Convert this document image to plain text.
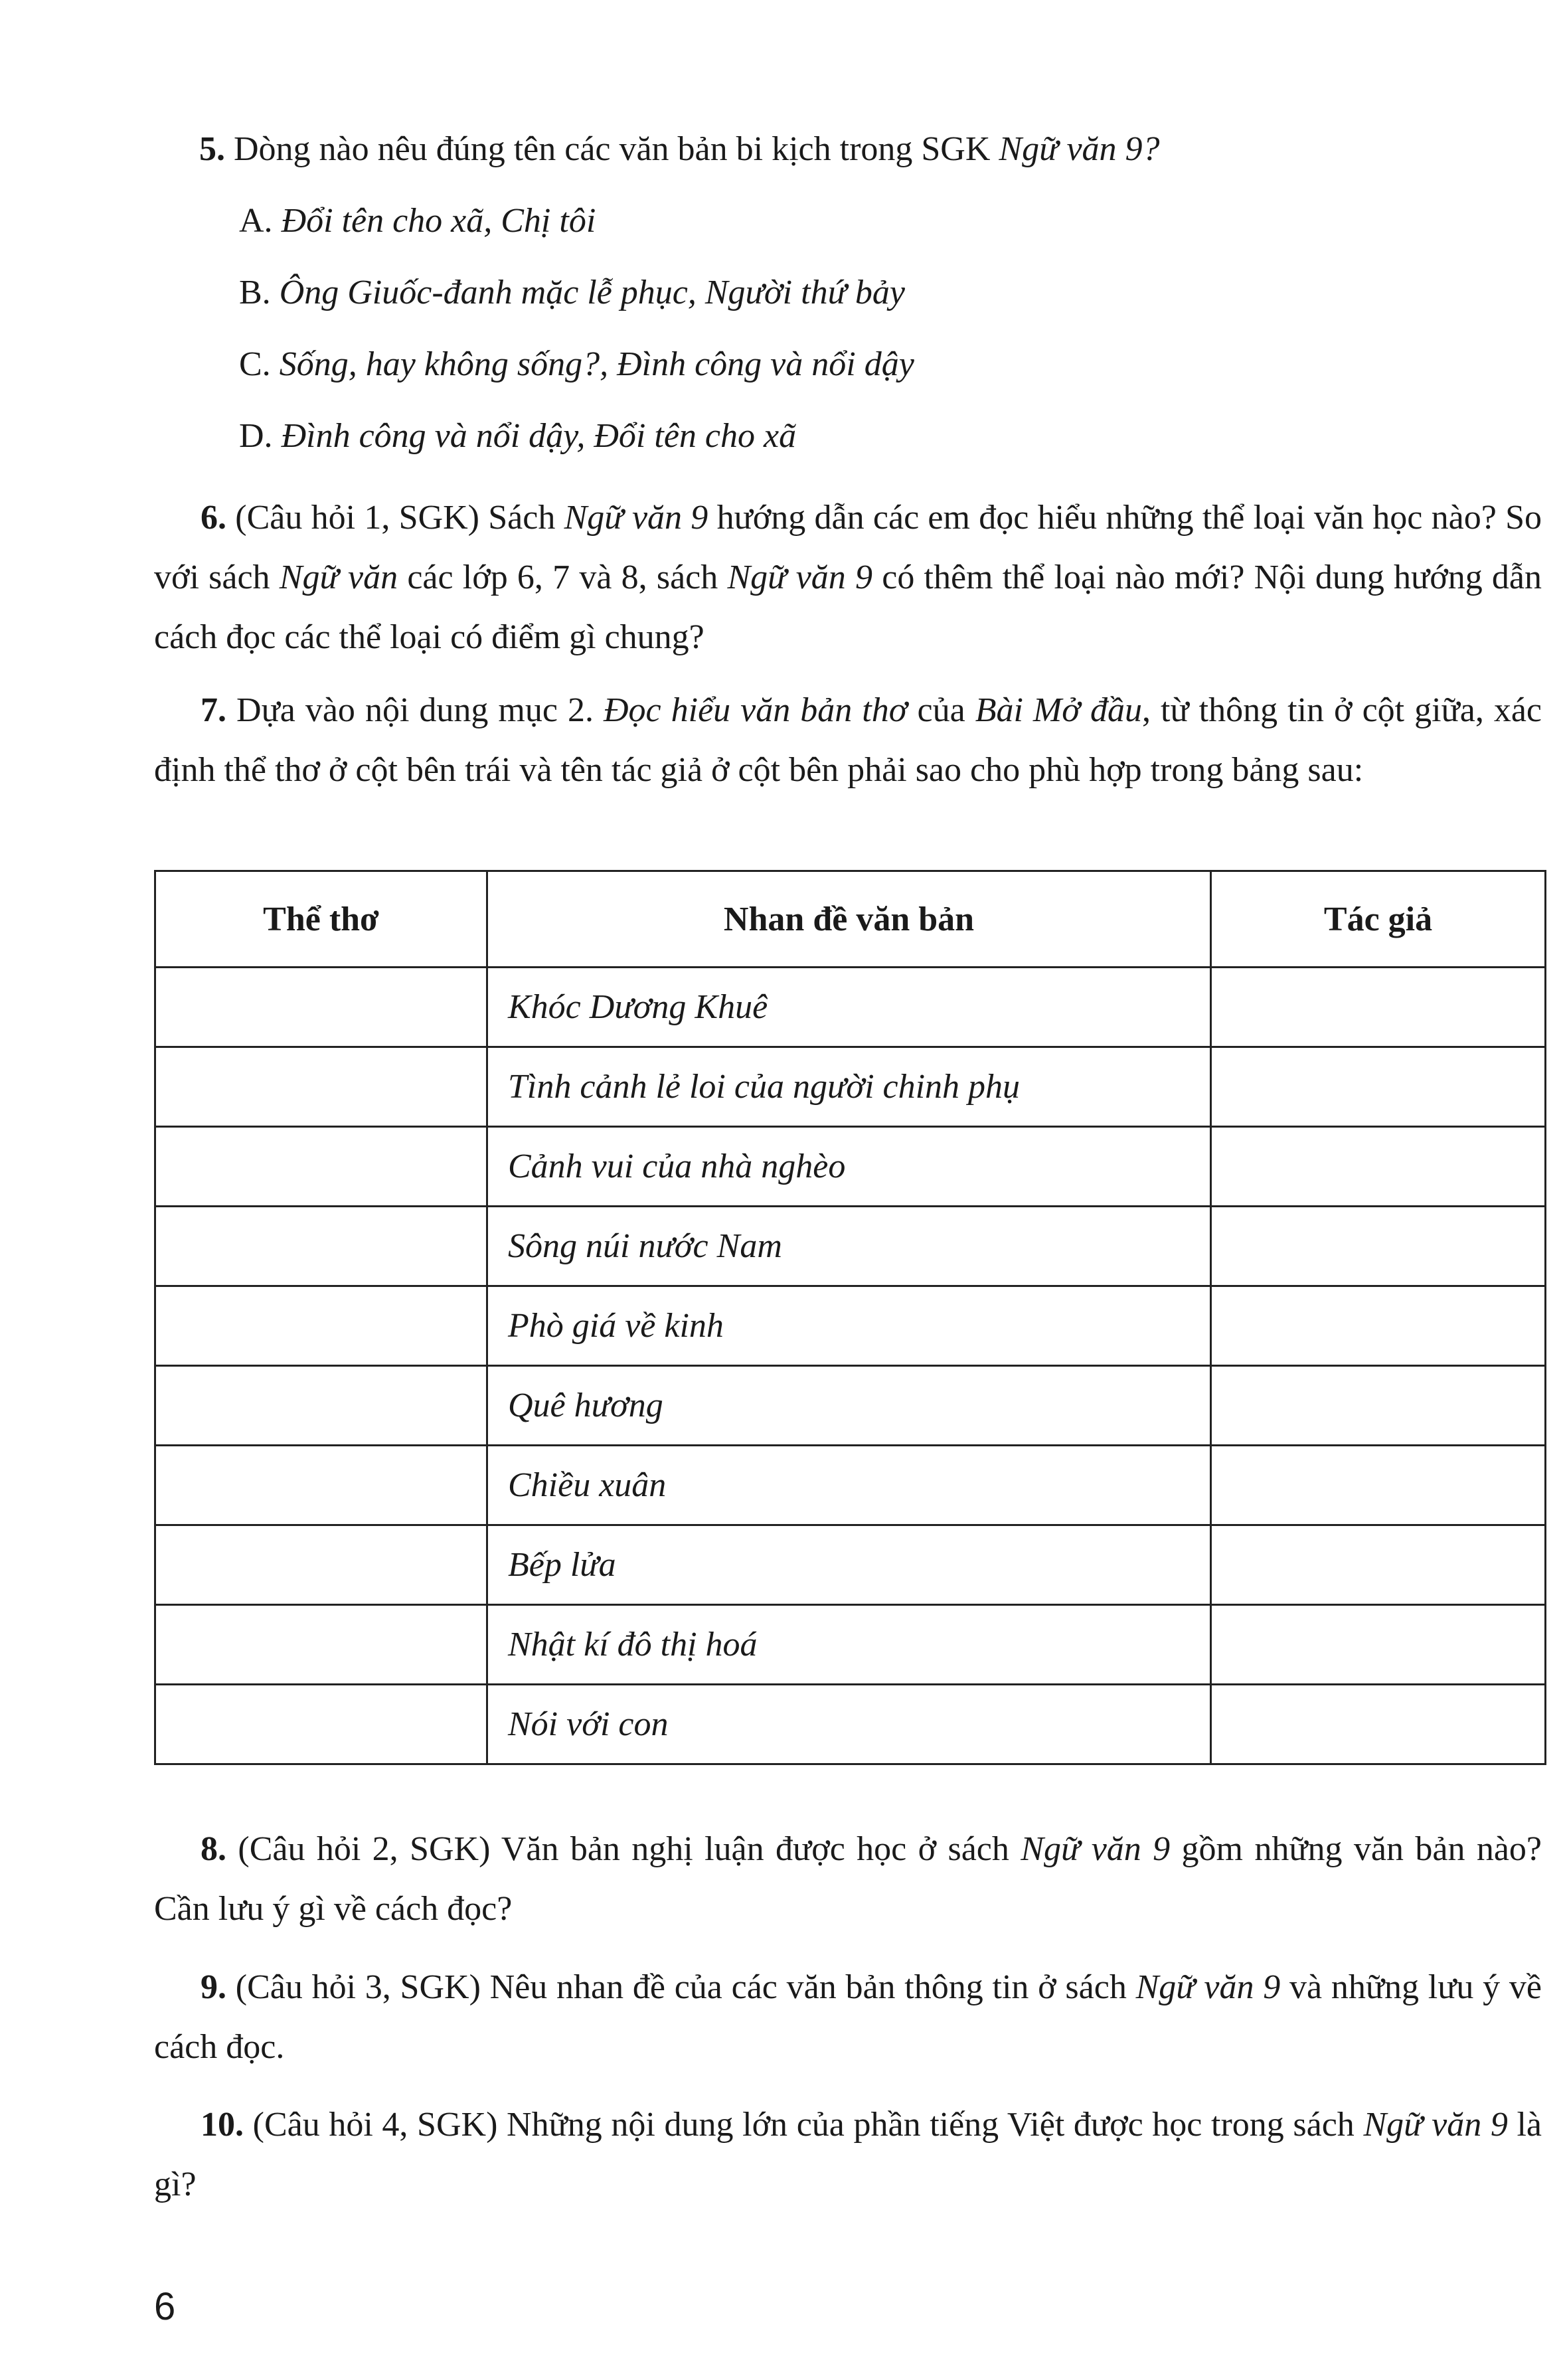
5. Dòng nào nêu đúng tên các văn bản bi kịch trong SGK Ngữ văn 9?
A. Đổi tên cho xã, Chị tôi
B. Ông Giuốc-đanh mặc lễ phục, Người thứ bảy
C. Sống, hay không sống?, Đình công và nổi dậy
D. Đình công và nổi dậy, Đổi tên cho xã
6. (Câu hỏi 1, SGK) Sách Ngữ văn 9 hướng dẫn các em đọc hiểu những thể loại văn học nào? So với sách Ngữ văn các lớp 6, 7 và 8, sách Ngữ văn 9 có thêm thể loại nào mới? Nội dung hướng dẫn cách đọc các thể loại có điểm gì chung?
7. Dựa vào nội dung mục 2. Đọc hiểu văn bản thơ của Bài Mở đầu, từ thông tin ở cột giữa, xác định thể thơ ở cột bên trái và tên tác giả ở cột bên phải sao cho phù hợp trong bảng sau:
Thể thơ	Nhan đề văn bản	Tác giả
	Khóc Dương Khuê	
	Tình cảnh lẻ loi của người chinh phụ	
	Cảnh vui của nhà nghèo	
	Sông núi nước Nam	
	Phò giá về kinh	
	Quê hương	
	Chiều xuân	
	Bếp lửa	
	Nhật kí đô thị hoá	
	Nói với con	
8. (Câu hỏi 2, SGK) Văn bản nghị luận được học ở sách Ngữ văn 9 gồm những văn bản nào? Cần lưu ý gì về cách đọc?
9. (Câu hỏi 3, SGK) Nêu nhan đề của các văn bản thông tin ở sách Ngữ văn 9 và những lưu ý về cách đọc.
10. (Câu hỏi 4, SGK) Những nội dung lớn của phần tiếng Việt được học trong sách Ngữ văn 9 là gì?
6
